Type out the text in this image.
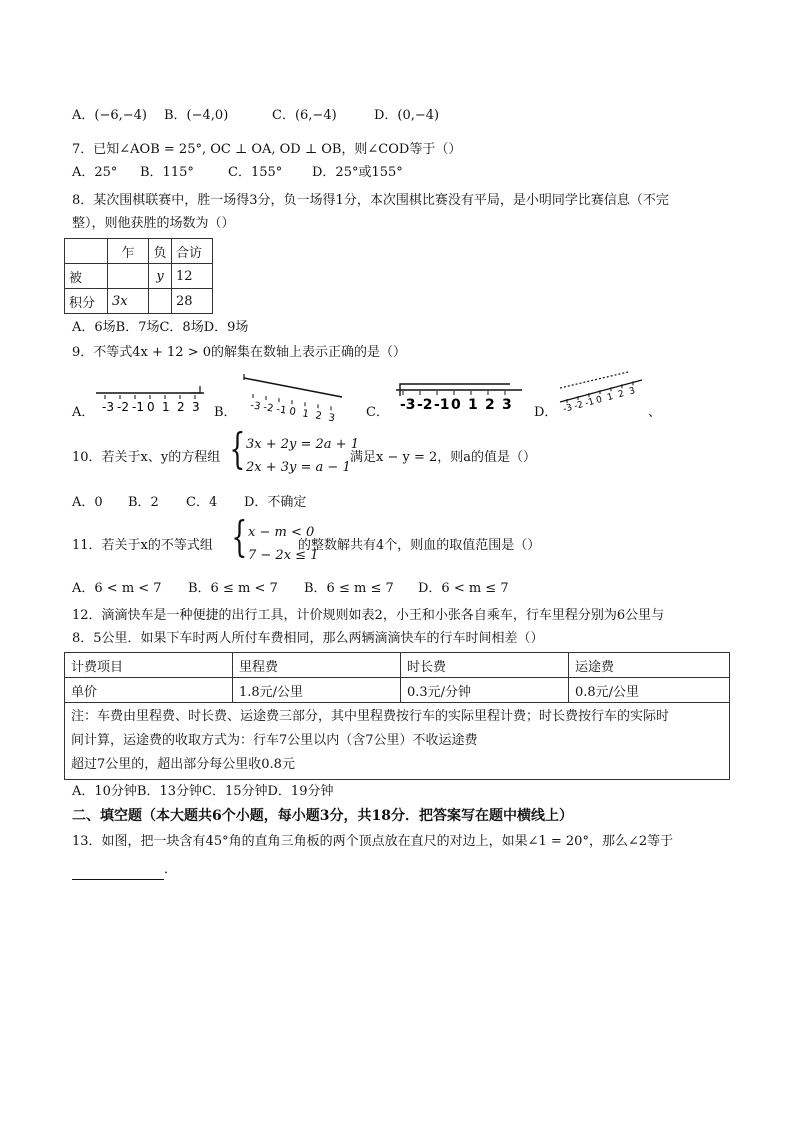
A．(−6,−4) B．(−4,0)	C．(6,−4)	D．(0,−4)
7．已知∠AOB = 25°, OC ⊥ OA, OD ⊥ OB，则∠COD等于（）
A．25° B．115°	C．155° D．25°或155°
8．某次围棋联赛中，胜一场得3分，负一场得1分，本次围棋比赛没有平局，是小明同学比赛信息（不完
整），则他获胜的场数为（）
	乍	负	合访
被		y	12
积分	3x		28
A．6场B．7场C．8场D．9场
9．不等式4x + 12 > 0的解集在数轴上表示正确的是（）
A． -3 -2 -1 0 1 2 3 B． -3 -2 -1 0 1 2 3 C． -3 -2 -1 0 1 2 3 D． -3 -2 -1 0 1 2 3
、
10．若关于x、y的方程组 { 3x + 2y = 2a + 1
2x + 3y = a − 1
满足x − y = 2，则a的值是（）
A．0 B．2 C．4 D．不确定
11．若关于x的不等式组 { x − m < 0
7 − 2x ≤ 1
的整数解共有4个，则血的取值范围是（）
A．6 < m < 7 B．6 ≤ m < 7 B．6 ≤ m ≤ 7 D．6 < m ≤ 7
12．滴滴快车是一种便捷的出行工具，计价规则如表2，小王和小张各自乘车，行车里程分别为6公里与
8．5公里．如果下车时两人所付车费相同，那么两辆滴滴快车的行车时间相差（）
计费项目	里程费	时长费	运途费
单价	1.8元/公里	0.3元/分钟	0.8元/公里

注：车费由里程费、时长费、运途费三部分，其中里程费按行车的实际里程计费；时长费按行车的实际时
间计算，运途费的收取方式为：行车7公里以内（含7公里）不收运途费
超过7公里的，超出部分每公里收0.8元			
A．10分钟B．13分钟C．15分钟D．19分钟
二、填空题（本大题共6个小题，每小题3分，共18分．把答案写在题中横线上）
13．如图，把一块含有45°角的直角三角板的两个顶点放在直尺的对边上，如果∠1 = 20°，那么∠2等于
．
